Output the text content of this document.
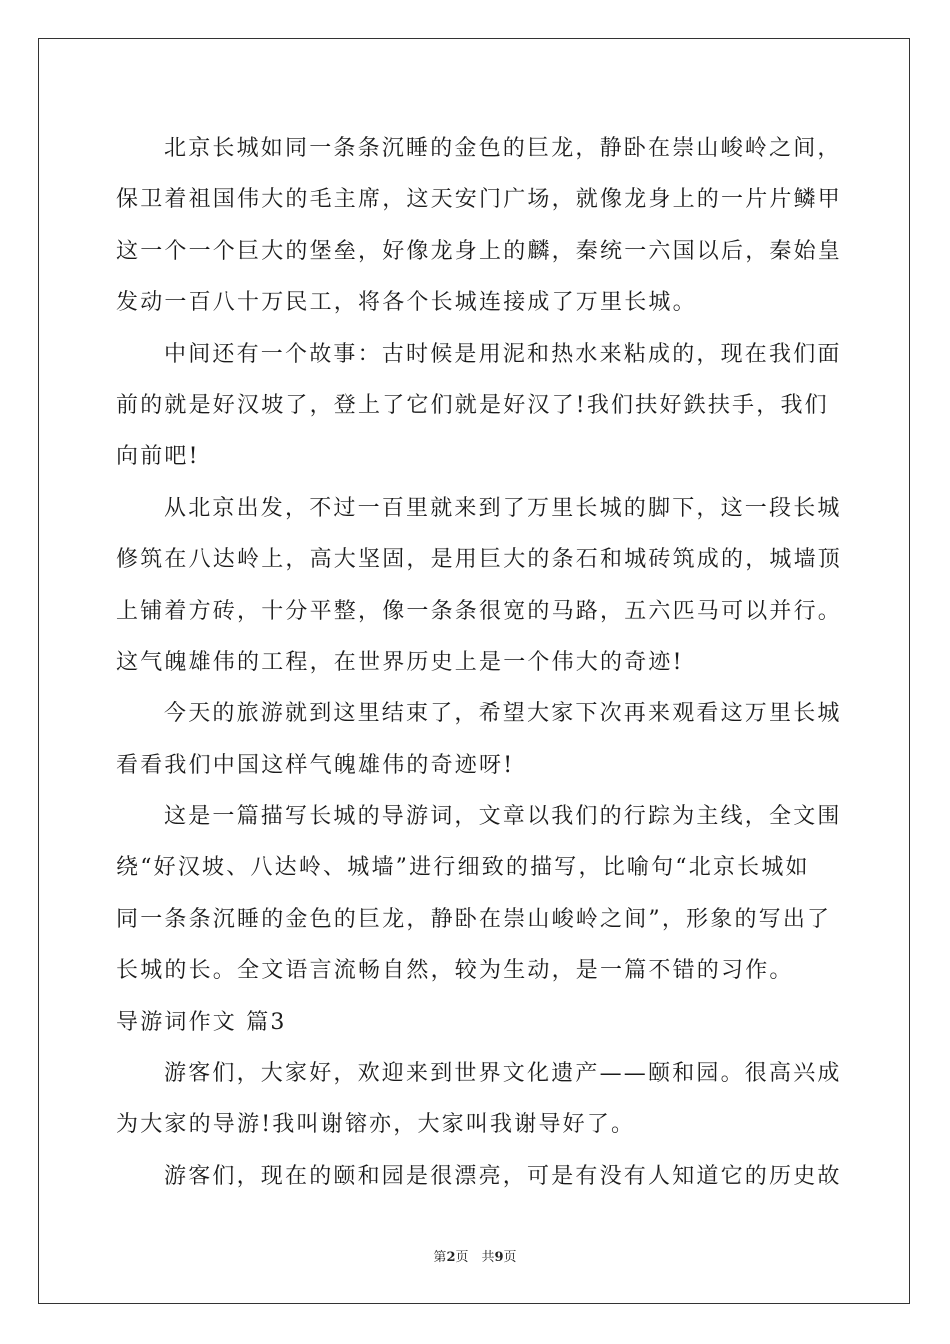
北京长城如同一条条沉睡的金色的巨龙，静卧在崇山峻岭之间，
保卫着祖国伟大的毛主席，这天安门广场，就像龙身上的一片片鳞甲
这一个一个巨大的堡垒，好像龙身上的麟，秦统一六国以后，秦始皇
发动一百八十万民工，将各个长城连接成了万里长城。
中间还有一个故事：古时候是用泥和热水来粘成的，现在我们面
前的就是好汉坡了，登上了它们就是好汉了!我们扶好鉄扶手，我们
向前吧!
从北京出发，不过一百里就来到了万里长城的脚下，这一段长城
修筑在八达岭上，高大坚固，是用巨大的条石和城砖筑成的，城墙顶
上铺着方砖，十分平整，像一条条很宽的马路，五六匹马可以并行。
这气魄雄伟的工程，在世界历史上是一个伟大的奇迹!
今天的旅游就到这里结束了，希望大家下次再来观看这万里长城
看看我们中国这样气魄雄伟的奇迹呀!
这是一篇描写长城的导游词，文章以我们的行踪为主线，全文围
绕“好汉坡、八达岭、城墙”进行细致的描写，比喻句“北京长城如
同一条条沉睡的金色的巨龙，静卧在崇山峻岭之间”，形象的写出了
长城的长。全文语言流畅自然，较为生动，是一篇不错的习作。
导游词作文 篇3
游客们，大家好，欢迎来到世界文化遗产——颐和园。很高兴成
为大家的导游!我叫谢镕亦，大家叫我谢导好了。
游客们，现在的颐和园是很漂亮，可是有没有人知道它的历史故
第2页　共9页
